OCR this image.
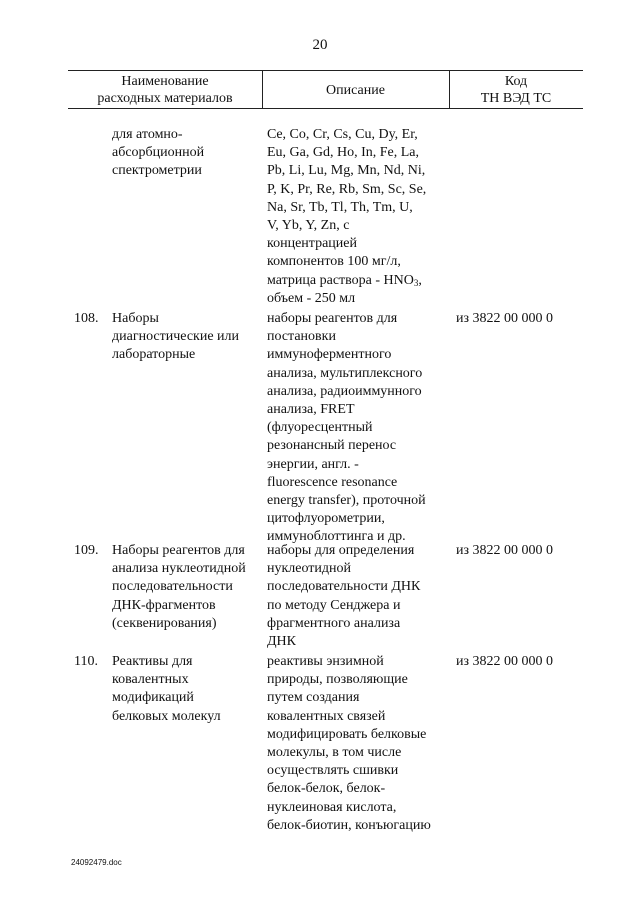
20
Наименование
расходных материалов
Описание
Код
ТН ВЭД ТС
для атомно-
абсорбционной
спектрометрии
Ce, Co, Cr, Cs, Cu, Dy, Er,
Eu, Ga, Gd, Ho, In, Fe, La,
Pb, Li, Lu, Mg, Mn, Nd, Ni,
P, K, Pr, Re, Rb, Sm, Sc, Se,
Na, Sr, Tb, Tl, Th, Tm, U,
V, Yb, Y, Zn, с
концентрацией
компонентов 100 мг/л,
матрица раствора - $HNO_3$,
объем - 250 мл
108. Наборы
диагностические или
лабораторные
наборы реагентов для
постановки
иммуноферментного
анализа, мультиплексного
анализа, радиоиммунного
анализа, FRET
(флуоресцентный
резонансный перенос
энергии, англ. -
fluorescence resonance
energy transfer), проточной
цитофлуорометрии,
иммуноблоттинга и др.
из 3822 00 000 0
109. Наборы реагентов для
анализа нуклеотидной
последовательности
ДНК-фрагментов
(секвенирования)
наборы для определения
нуклеотидной
последовательности ДНК
по методу Сенджера и
фрагментного анализа
ДНК
из 3822 00 000 0
110. Реактивы для
ковалентных
модификаций
белковых молекул
реактивы энзимной
природы, позволяющие
путем создания
ковалентных связей
модифицировать белковые
молекулы, в том числе
осуществлять сшивки
белок-белок, белок-
нуклеиновая кислота,
белок-биотин, конъюгацию
из 3822 00 000 0
24092479.doc
